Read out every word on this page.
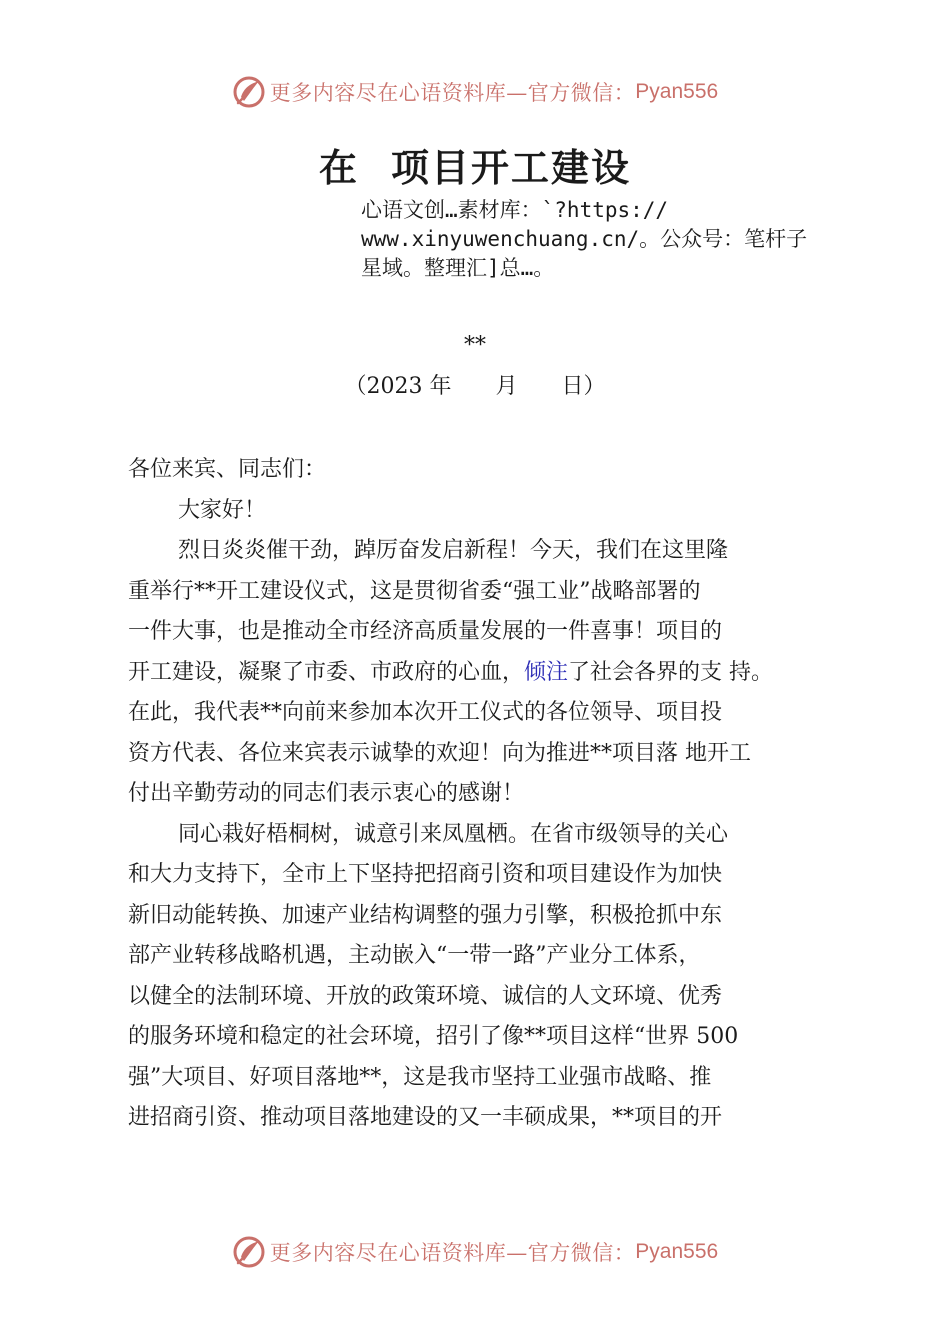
更多内容尽在心语资料库—官方微信： Pyan556
在 项目开工建设
心语文创…素材库：`?https://
www.xinyuwenchuang.cn/。公众号：笔杆子
星域。整理汇]总…。
**
（2023 年　　月　　日）
各位来宾、同志们：
大家好！
烈日炎炎催干劲，踔厉奋发启新程！今天，我们在这里隆
重举行**开工建设仪式，这是贯彻省委“强工业”战略部署的
一件大事，也是推动全市经济高质量发展的一件喜事！项目的
开工建设，凝聚了市委、市政府的心血，倾注了社会各界的支 持。
在此，我代表**向前来参加本次开工仪式的各位领导、项目投
资方代表、各位来宾表示诚挚的欢迎！向为推进**项目落 地开工
付出辛勤劳动的同志们表示衷心的感谢！
同心栽好梧桐树，诚意引来凤凰栖。在省市级领导的关心
和大力支持下，全市上下坚持把招商引资和项目建设作为加快
新旧动能转换、加速产业结构调整的强力引擎，积极抢抓中东
部产业转移战略机遇，主动嵌入“一带一路”产业分工体系，
以健全的法制环境、开放的政策环境、诚信的人文环境、优秀
的服务环境和稳定的社会环境，招引了像**项目这样“世界 500
强”大项目、好项目落地**，这是我市坚持工业强市战略、推
进招商引资、推动项目落地建设的又一丰硕成果，**项目的开
更多内容尽在心语资料库—官方微信： Pyan556
